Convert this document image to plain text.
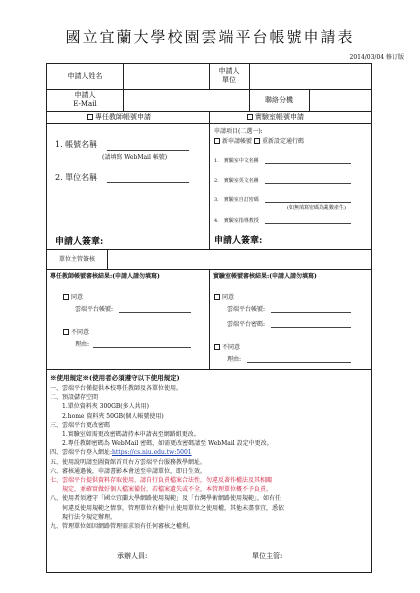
國立宜蘭大學校園雲端平台帳號申請表
2014/03/04 修订版
申請人姓名
申請人
單位
申請人
E-Mail	聯絡分機
專任教師帳號申請	實驗室帳號申請
1. 帳號名稱
(請填寫 WebMail 帳號)
2. 單位名稱
申請人簽章:
申請項目(二選一):
新申請帳號 重新設定通行碼
1.　實驗室中文名稱
2.　實驗室英文名稱
3.　實驗室自訂密碼
(如無填寫密碼為亂數產生)
4.　實驗室指導教授
申請人簽章:
單位主管簽核
專任教師帳號審核結果:(申請人請勿填寫)	實驗室帳號審核結果:(申請人請勿填寫)
同意
雲端平台帳號:
不同意
理由:
同意
雲端平台帳號:
雲端平台密碼:
不同意
理由:
※使用規定※(使用者必須遵守以下使用規定)
一、雲端平台僅提供本校專任教師及各單位使用。
二、預設儲存空間
　　1.單位資料夾 300GB(多人共用)
　　2.home 資料夾 50GB(個人帳號使用)
三、雲端平台更改密碼
　　1.實驗室如需更改密碼請持本申請表至網路組更改。
　　2.專任教師密碼為 WebMail 密碼，如需更改密碼請至 WebMail 設定中更改。
四、雲端平台登入網址:https://cs.niu.edu.tw:5001
五、使用說明請至圖資館首頁右方雲端平台服務教學網址。
六、審核通過後，申請書影本會送至申請單位，即日生效。
七、雲端平台提供資料存取使用，請自行負責檔案合法性，勿違反著作權法及其相關
　　規定，並確實做好個人檔案備份，若檔案遺失或不全，本管理單位概不予負責。
八、使用者須遵守「國立宜蘭大學網路使用規範」及「台灣學術網路使用規範」，如有任
　　何違反使用規範之情事，管理單位有權中止使用單位之使用權，其他未盡事宜，悉依
　　現行法令規定辦理。
九、管理單位如因網路管理需求須有任何審核之權利。
承辦人員:	單位主管:
